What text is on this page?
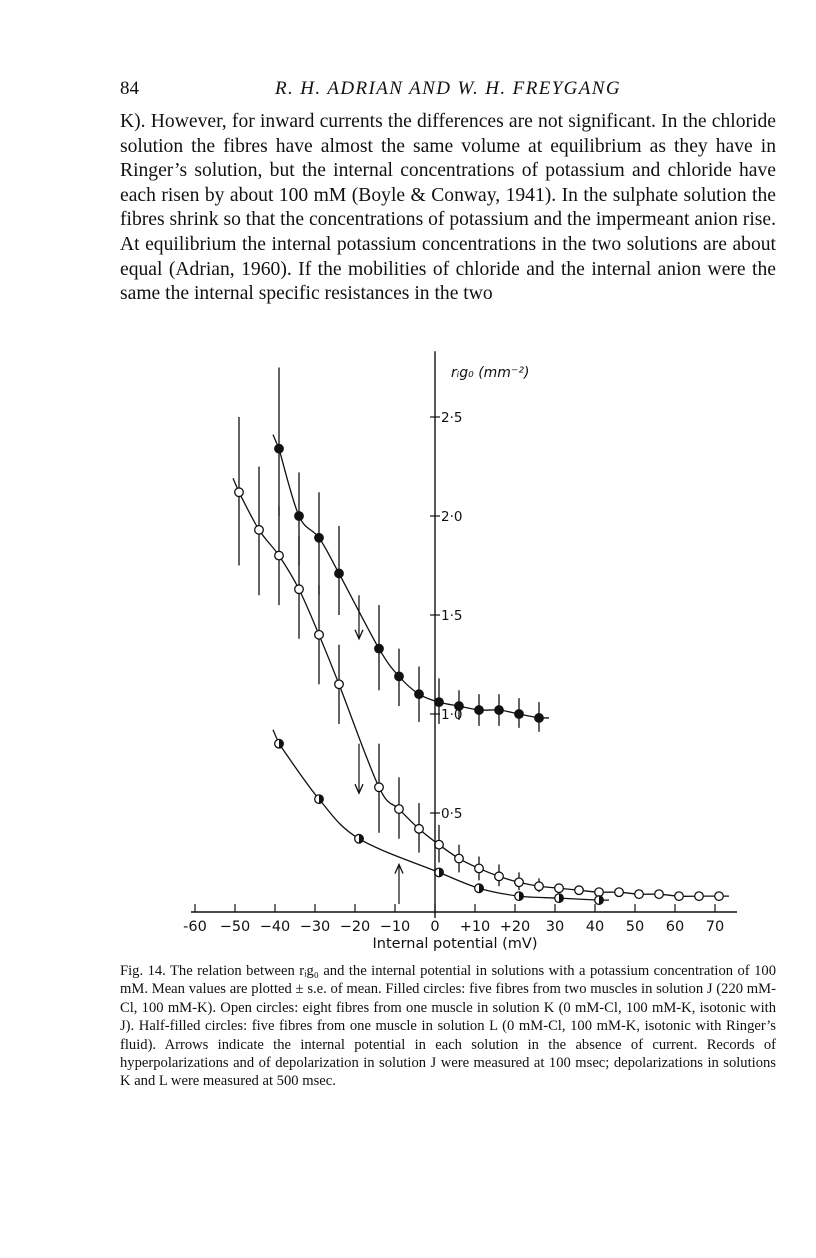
84	R. H. ADRIAN AND W. H. FREYGANG

K). However, for inward currents the differences are not significant. In the chloride solution the fibres have almost the same volume at equilibrium as they have in Ringer’s solution, but the internal concentrations of potassium and chloride have each risen by about 100 mM (Boyle & Conway, 1941). In the sulphate solution the fibres shrink so that the concentrations of potassium and the impermeant anion rise. At equilibrium the internal potassium concentrations in the two solutions are about equal (Adrian, 1960). If the mobilities of chloride and the internal anion were the same the internal specific resistances in the two

-60 −50 −40 −30 −20 −10 0 +10 +20 30 40 50 60 70
0·5
1·0
1·5
2·0
2·5
Internal potential (mV)
rᵢg₀ (mm⁻²)

Fig. 14. The relation between rᵢg₀ and the internal potential in solutions with a potassium concentration of 100 mM. Mean values are plotted ± s.e. of mean. Filled circles: five fibres from two muscles in solution J (220 mM-Cl, 100 mM-K). Open circles: eight fibres from one muscle in solution K (0 mM-Cl, 100 mM-K, isotonic with J). Half-filled circles: five fibres from one muscle in solution L (0 mM-Cl, 100 mM-K, isotonic with Ringer’s fluid). Arrows indicate the internal potential in each solution in the absence of current. Records of hyperpolarizations and of depolarization in solution J were measured at 100 msec; depolarizations in solutions K and L were measured at 500 msec.
